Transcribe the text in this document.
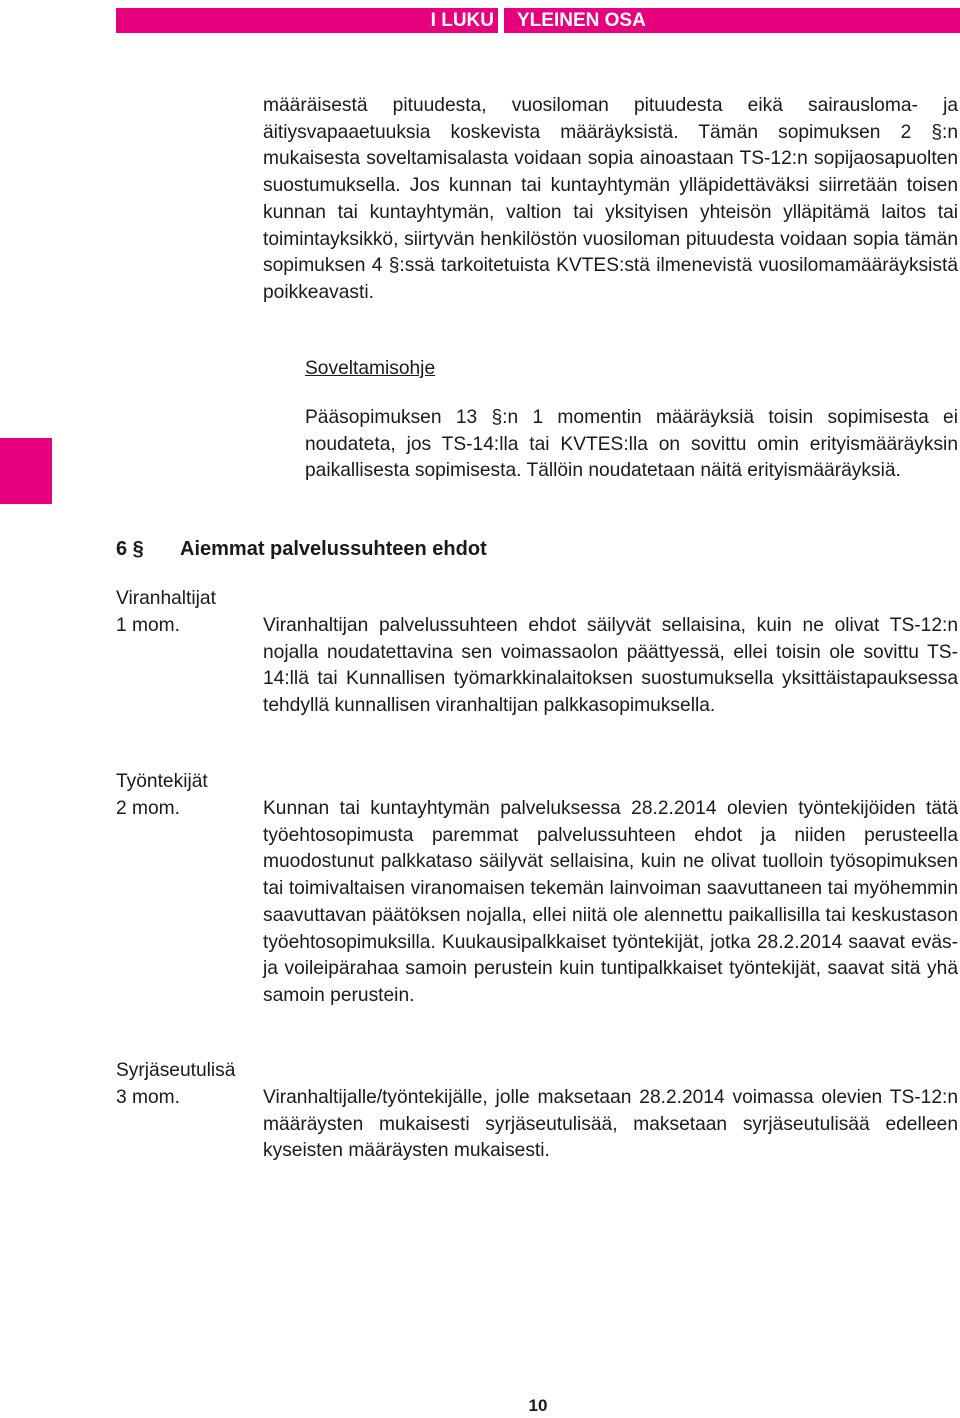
I LUKU YLEINEN OSA

määräisestä pituudesta, vuosiloman pituudesta eikä sairausloma- ja äitiysvapaaetuuksia koskevista määräyksistä. Tämän sopimuksen 2 §:n mukaisesta soveltamisalasta voidaan sopia ainoastaan TS-12:n sopijaosapuolten suostumuksella. Jos kunnan tai kuntayhtymän ylläpidettäväksi siirretään toisen kunnan tai kuntayhtymän, valtion tai yksityisen yhteisön ylläpitämä laitos tai toimintayksikkö, siirtyvän henkilöstön vuosiloman pituudesta voidaan sopia tämän sopimuksen 4 §:ssä tarkoitetuista KVTES:stä ilmenevistä vuosilomamääräyksistä poikkeavasti.

Soveltamisohje

Pääsopimuksen 13 §:n 1 momentin määräyksiä toisin sopimisesta ei noudateta, jos TS-14:lla tai KVTES:lla on sovittu omin erityismääräyksin paikallisesta sopimisesta. Tällöin noudatetaan näitä erityismääräyksiä.

6 § Aiemmat palvelussuhteen ehdot

Viranhaltijat

1 mom.	Viranhaltijan palvelussuhteen ehdot säilyvät sellaisina, kuin ne olivat TS-12:n nojalla noudatettavina sen voimassaolon päättyessä, ellei toisin ole sovittu TS-14:llä tai Kunnallisen työmarkkinalaitoksen suostumuksella yksittäistapauksessa tehdyllä kunnallisen viranhaltijan palkkasopimuksella.

Työntekijät

2 mom.	Kunnan tai kuntayhtymän palveluksessa 28.2.2014 olevien työntekijöiden tätä työehtosopimusta paremmat palvelussuhteen ehdot ja niiden perusteella muodostunut palkkataso säilyvät sellaisina, kuin ne olivat tuolloin työsopimuksen tai toimivaltaisen viranomaisen tekemän lainvoiman saavuttaneen tai myöhemmin saavuttavan päätöksen nojalla, ellei niitä ole alennettu paikallisilla tai keskustason työehtosopimuksilla. Kuukausipalkkaiset työntekijät, jotka 28.2.2014 saavat eväs- ja voileipärahaa samoin perustein kuin tuntipalkkaiset työntekijät, saavat sitä yhä samoin perustein.

Syrjäseutulisä

3 mom.	Viranhaltijalle/työntekijälle, jolle maksetaan 28.2.2014 voimassa olevien TS-12:n määräysten mukaisesti syrjäseutulisää, maksetaan syrjäseutulisää edelleen kyseisten määräysten mukaisesti.

10
